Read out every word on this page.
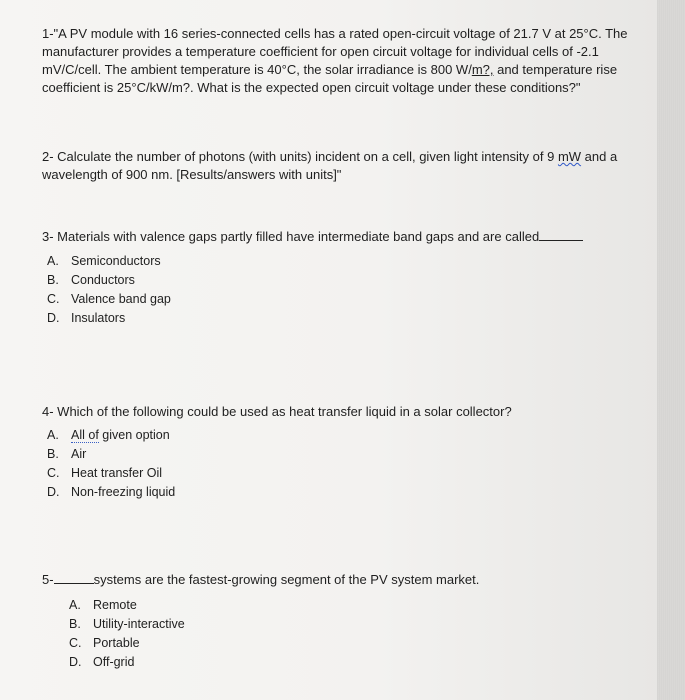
1-"A PV module with 16 series-connected cells has a rated open-circuit voltage of 21.7 V at 25°C. The manufacturer provides a temperature coefficient for open circuit voltage for individual cells of -2.1 mV/C/cell. The ambient temperature is 40°C, the solar irradiance is 800 W/m?, and temperature rise coefficient is 25°C/kW/m?. What is the expected open circuit voltage under these conditions?"
2- Calculate the number of photons (with units) incident on a cell, given light intensity of 9 mW and a wavelength of 900 nm. [Results/answers with units]"
3- Materials with valence gaps partly filled have intermediate band gaps and are called
A. Semiconductors
B. Conductors
C. Valence band gap
D. Insulators
4- Which of the following could be used as heat transfer liquid in a solar collector?
A. All of given option
B. Air
C. Heat transfer Oil
D. Non-freezing liquid
5-	systems are the fastest-growing segment of the PV system market.
A. Remote
B. Utility-interactive
C. Portable
D. Off-grid
